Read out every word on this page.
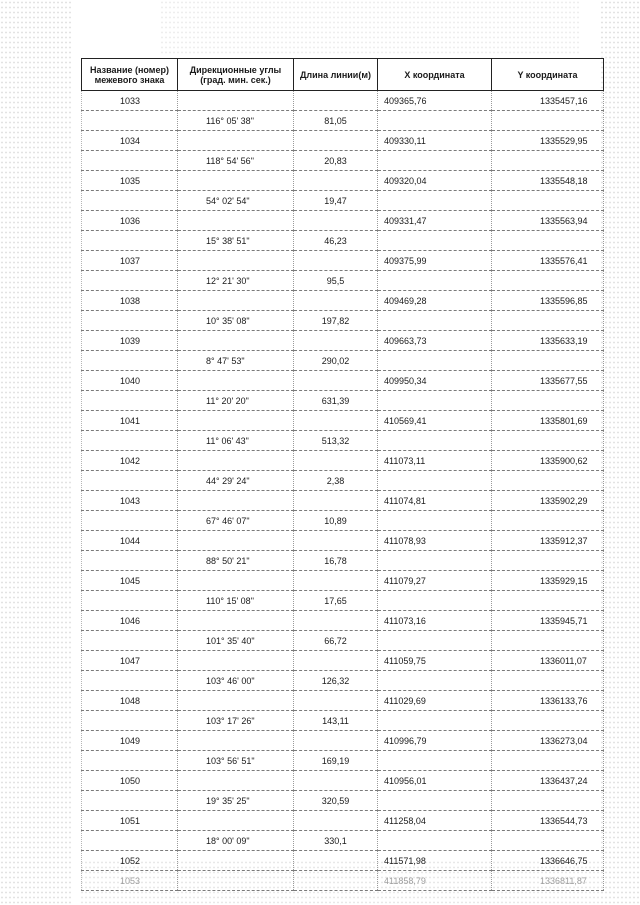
Название (номер) межевого знака	Дирекционные углы (град. мин. сек.)	Длина линии(м)	X координата	Y координата
1033			409365,76	1335457,16
	116° 05' 38"	81,05		
1034			409330,11	1335529,95
	118° 54' 56"	20,83		
1035			409320,04	1335548,18
	54° 02' 54"	19,47		
1036			409331,47	1335563,94
	15° 38' 51"	46,23		
1037			409375,99	1335576,41
	12° 21' 30"	95,5		
1038			409469,28	1335596,85
	10° 35' 08"	197,82		
1039			409663,73	1335633,19
	8° 47' 53"	290,02		
1040			409950,34	1335677,55
	11° 20' 20"	631,39		
1041			410569,41	1335801,69
	11° 06' 43"	513,32		
1042			411073,11	1335900,62
	44° 29' 24"	2,38		
1043			411074,81	1335902,29
	67° 46' 07"	10,89		
1044			411078,93	1335912,37
	88° 50' 21"	16,78		
1045			411079,27	1335929,15
	110° 15' 08"	17,65		
1046			411073,16	1335945,71
	101° 35' 40"	66,72		
1047			411059,75	1336011,07
	103° 46' 00"	126,32		
1048			411029,69	1336133,76
	103° 17' 26"	143,11		
1049			410996,79	1336273,04
	103° 56' 51"	169,19		
1050			410956,01	1336437,24
	19° 35' 25"	320,59		
1051			411258,04	1336544,73
	18° 00' 09"	330,1		
1052			411571,98	1336646,75
1053			411858,79	1336811,87
